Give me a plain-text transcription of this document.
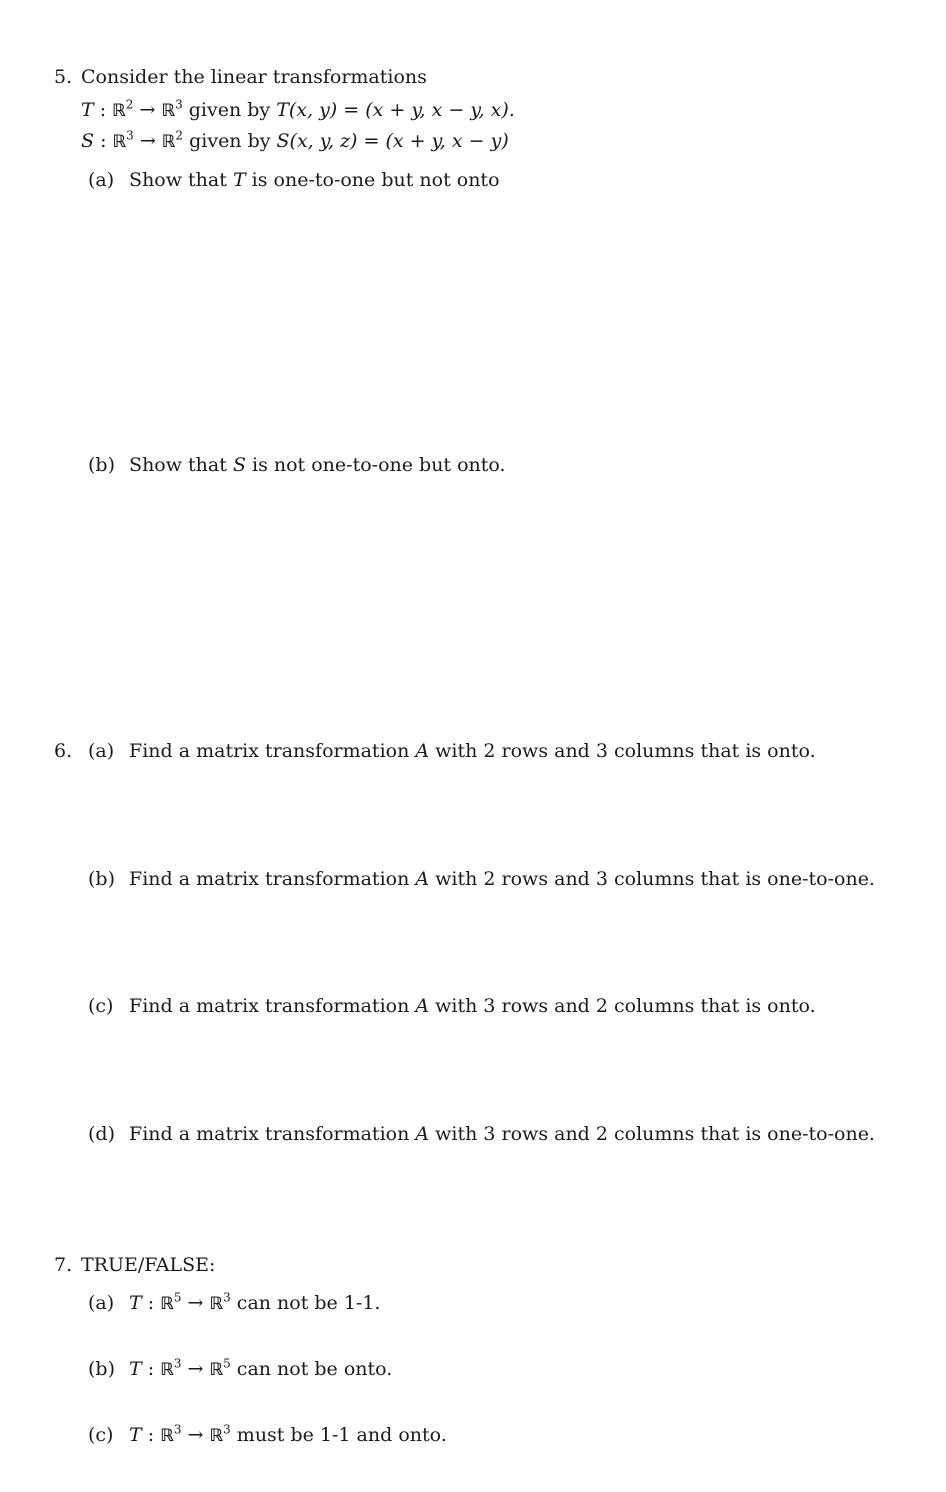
5. Consider the linear transformations
T : ℝ$^2$ → ℝ$^3$ given by T(x, y) = (x + y, x − y, x).
S : ℝ$^3$ → ℝ$^2$ given by S(x, y, z) = (x + y, x − y)
(a) Show that T is one-to-one but not onto
(b) Show that S is not one-to-one but onto.
6. (a) Find a matrix transformation A with 2 rows and 3 columns that is onto.
(b) Find a matrix transformation A with 2 rows and 3 columns that is one-to-one.
(c) Find a matrix transformation A with 3 rows and 2 columns that is onto.
(d) Find a matrix transformation A with 3 rows and 2 columns that is one-to-one.
7. TRUE/FALSE:
(a) T : ℝ$^5$ → ℝ$^3$ can not be 1-1.
(b) T : ℝ$^3$ → ℝ$^5$ can not be onto.
(c) T : ℝ$^3$ → ℝ$^3$ must be 1-1 and onto.
